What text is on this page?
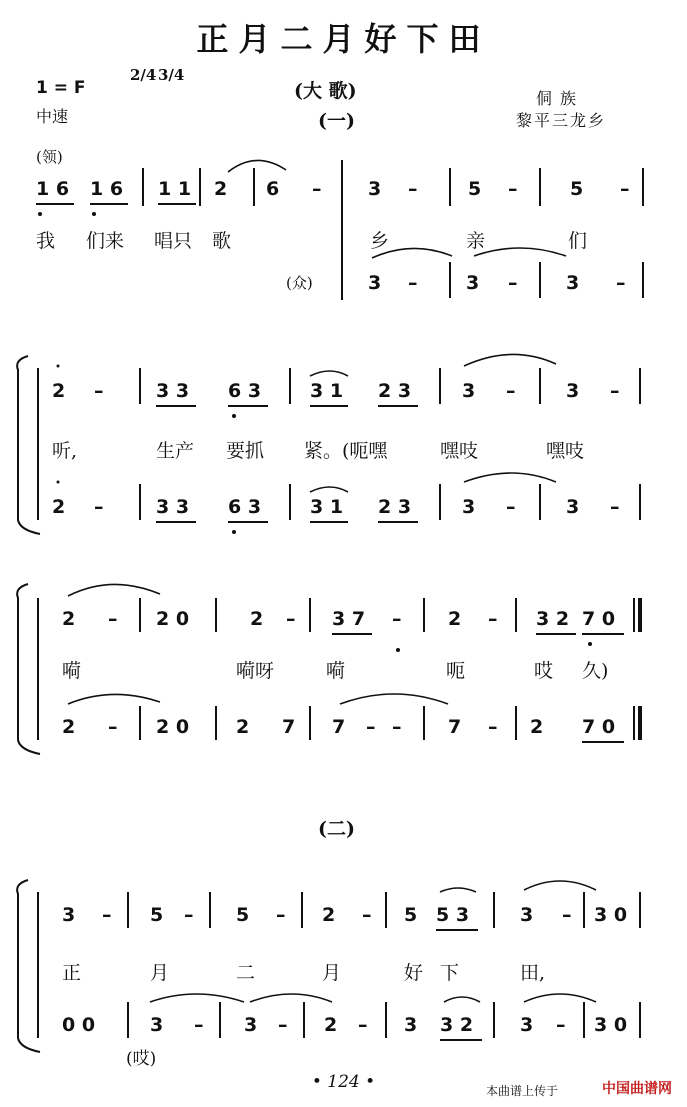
正月二月好下田
1 = F
2/4 3/4
中速
(大 歌)
(一)
侗族
黎平三龙乡
(领)
1 6 1 6 1 1 2 6 – 3 –	5 –	5 –
我 们来 唱只 歌	乡	亲	们
(众)	3 –	3 –	3 –
2 –	3 3 6 3	3 1 2 3	3 –	3 –
听,	生产 要抓 紧。(呃嘿	嘿吱	嘿吱
2 –	3 3 6 3	3 1 2 3	3 –	3 –
2 – 2 0	2 – 3 7 – 2 – 3 2 7 0
嗬	嗬呀	嗬	呃	哎 久)
2 – 2 0 2 7 7 – – 7 – 2 7 0
(二)
3 – 5 – 5 – 2 – 5 5 3	3 – 3 0
正	月	二	月	好 下	田,
0 0	3 – 3 – 2 – 3 3 2 3 – 3 0
(哎)
• 124 •	本曲谱上传于	中国曲谱网
